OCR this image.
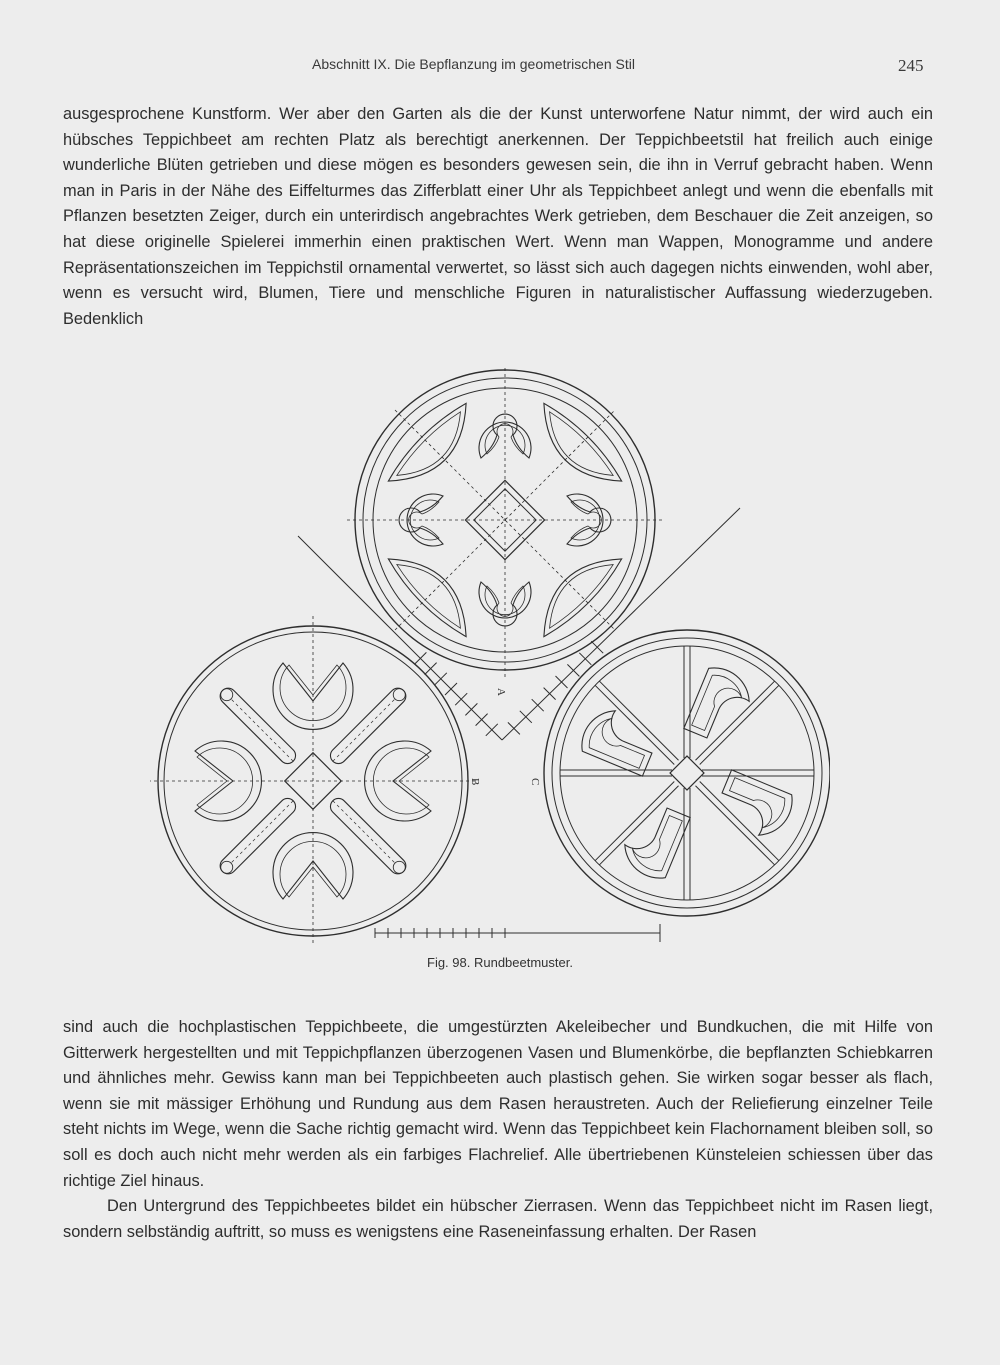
Abschnitt IX. Die Bepflanzung im geometrischen Stil	245

ausgesprochene Kunstform. Wer aber den Garten als die der Kunst unterworfene Natur nimmt, der wird auch ein hübsches Teppichbeet am rechten Platz als berechtigt anerkennen. Der Teppichbeetstil hat freilich auch einige wunderliche Blüten getrieben und diese mögen es besonders gewesen sein, die ihn in Verruf gebracht haben. Wenn man in Paris in der Nähe des Eiffelturmes das Zifferblatt einer Uhr als Teppichbeet anlegt und wenn die ebenfalls mit Pflanzen besetzten Zeiger, durch ein unterirdisch angebrachtes Werk getrieben, dem Beschauer die Zeit anzeigen, so hat diese originelle Spielerei immerhin einen praktischen Wert. Wenn man Wappen, Monogramme und andere Repräsentationszeichen im Teppichstil ornamental verwertet, so lässt sich auch dagegen nichts einwenden, wohl aber, wenn es versucht wird, Blumen, Tiere und menschliche Figuren in naturalistischer Auffassung wiederzugeben. Bedenklich

A
B	C
Fig. 98. Rundbeetmuster.

sind auch die hochplastischen Teppichbeete, die umgestürzten Akeleibecher und Bundkuchen, die mit Hilfe von Gitterwerk hergestellten und mit Teppichpflanzen überzogenen Vasen und Blumenkörbe, die bepflanzten Schiebkarren und ähnliches mehr. Gewiss kann man bei Teppichbeeten auch plastisch gehen. Sie wirken sogar besser als flach, wenn sie mit mässiger Erhöhung und Rundung aus dem Rasen heraustreten. Auch der Reliefierung einzelner Teile steht nichts im Wege, wenn die Sache richtig gemacht wird. Wenn das Teppichbeet kein Flachornament bleiben soll, so soll es doch auch nicht mehr werden als ein farbiges Flachrelief. Alle übertriebenen Künsteleien schiessen über das richtige Ziel hinaus.

Den Untergrund des Teppichbeetes bildet ein hübscher Zierrasen. Wenn das Teppichbeet nicht im Rasen liegt, sondern selbständig auftritt, so muss es wenigstens eine Raseneinfassung erhalten. Der Rasen
